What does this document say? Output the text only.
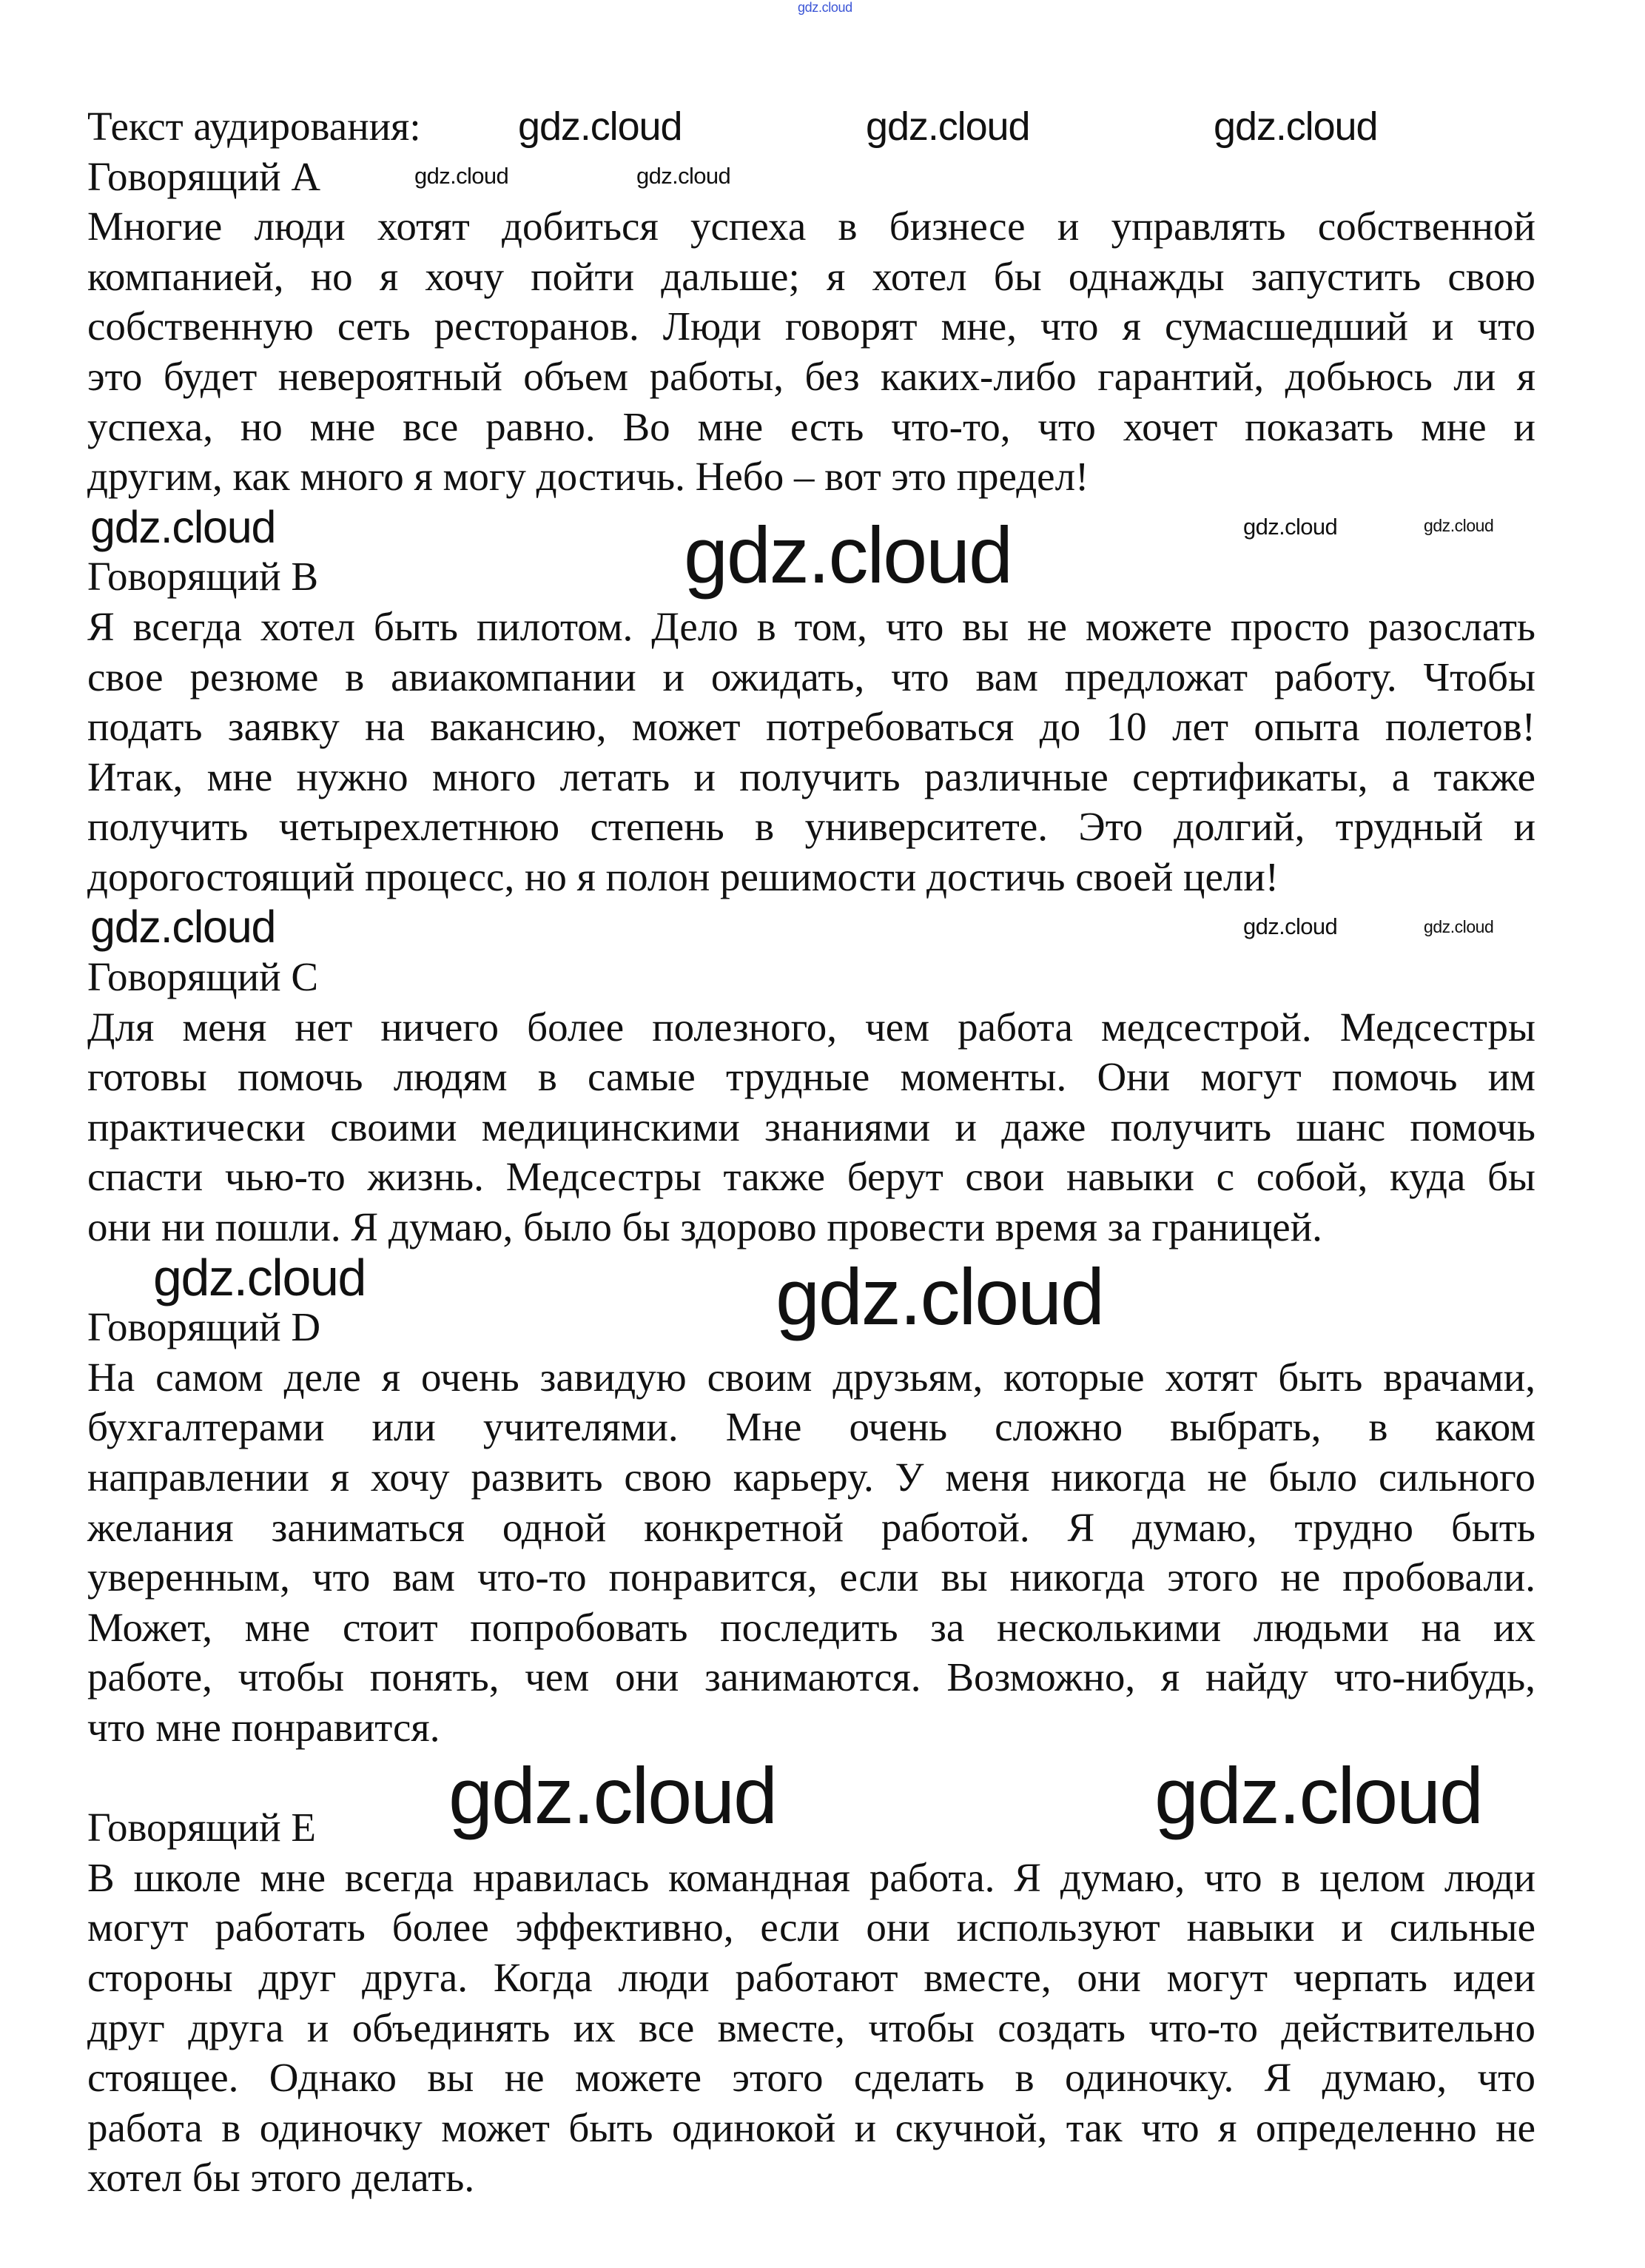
Текст аудирования:
Говорящий A
Многие люди хотят добиться успеха в бизнесе и управлять собственной
компанией, но я хочу пойти дальше; я хотел бы однажды запустить свою
собственную сеть ресторанов. Люди говорят мне, что я сумасшедший и что
это будет невероятный объем работы, без каких-либо гарантий, добьюсь ли я
успеха, но мне все равно. Во мне есть что-то, что хочет показать мне и
другим, как много я могу достичь. Небо – вот это предел!
Говорящий B
Я всегда хотел быть пилотом. Дело в том, что вы не можете просто разослать
свое резюме в авиакомпании и ожидать, что вам предложат работу. Чтобы
подать заявку на вакансию, может потребоваться до 10 лет опыта полетов!
Итак, мне нужно много летать и получить различные сертификаты, а также
получить четырехлетнюю степень в университете. Это долгий, трудный и
дорогостоящий процесс, но я полон решимости достичь своей цели!
Говорящий C
Для меня нет ничего более полезного, чем работа медсестрой. Медсестры
готовы помочь людям в самые трудные моменты. Они могут помочь им
практически своими медицинскими знаниями и даже получить шанс помочь
спасти чью-то жизнь. Медсестры также берут свои навыки с собой, куда бы
они ни пошли. Я думаю, было бы здорово провести время за границей.
Говорящий D
На самом деле я очень завидую своим друзьям, которые хотят быть врачами,
бухгалтерами или учителями. Мне очень сложно выбрать, в каком
направлении я хочу развить свою карьеру. У меня никогда не было сильного
желания заниматься одной конкретной работой. Я думаю, трудно быть
уверенным, что вам что-то понравится, если вы никогда этого не пробовали.
Может, мне стоит попробовать последить за несколькими людьми на их
работе, чтобы понять, чем они занимаются. Возможно, я найду что-нибудь,
что мне понравится.
Говорящий E
В школе мне всегда нравилась командная работа. Я думаю, что в целом люди
могут работать более эффективно, если они используют навыки и сильные
стороны друг друга. Когда люди работают вместе, они могут черпать идеи
друг друга и объединять их все вместе, чтобы создать что-то действительно
стоящее. Однако вы не можете этого сделать в одиночку. Я думаю, что
работа в одиночку может быть одинокой и скучной, так что я определенно не
хотел бы этого делать.
gdz.cloud
gdz.cloud	gdz.cloud	gdz.cloud
gdz.cloud	gdz.cloud
gdz.cloud
gdz.cloud
gdz.cloud	gdz.cloud
gdz.cloud	gdz.cloud
gdz.cloud
gdz.cloud	gdz.cloud
gdz.cloud	gdz.cloud
